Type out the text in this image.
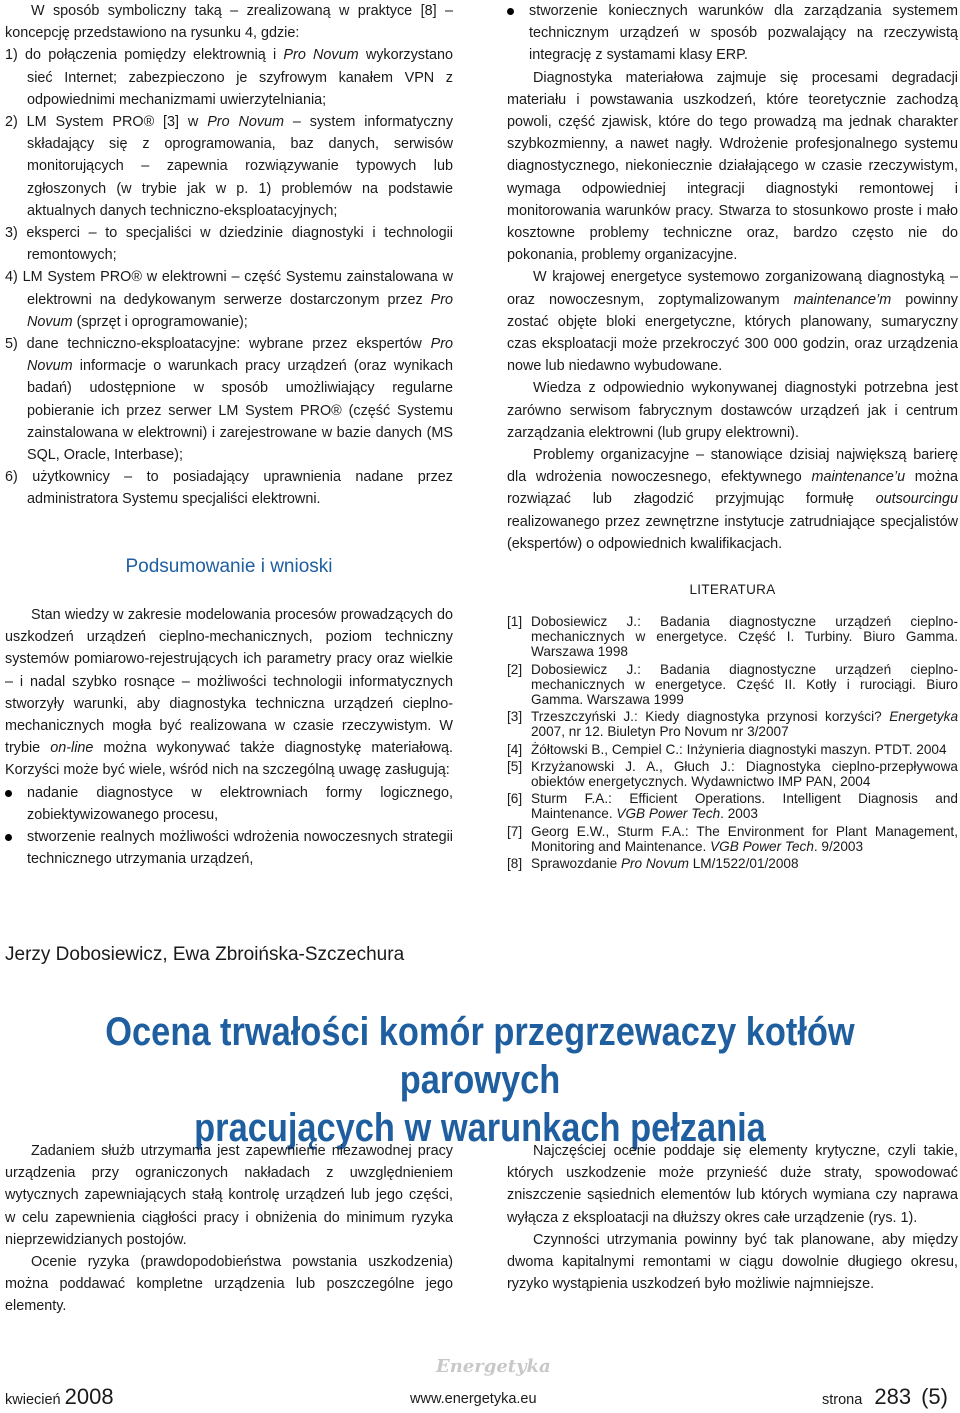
W sposób symboliczny taką – zrealizowaną w praktyce [8] – koncepcję przedstawiono na rysunku 4, gdzie:

1) do połączenia pomiędzy elektrownią i Pro Novum wykorzystano sieć Internet; zabezpieczono je szyfrowym kanałem VPN z odpowiednimi mechanizmami uwierzytelniania;

2) LM System PRO® [3] w Pro Novum – system informatyczny składający się z oprogramowania, baz danych, serwisów monitorujących – zapewnia rozwiązywanie typowych lub zgłoszonych (w trybie jak w p. 1) problemów na podstawie aktualnych danych techniczno-eksploatacyjnych;

3) eksperci – to specjaliści w dziedzinie diagnostyki i technologii remontowych;

4) LM System PRO® w elektrowni – część Systemu zainstalowana w elektrowni na dedykowanym serwerze dostarczonym przez Pro Novum (sprzęt i oprogramowanie);

5) dane techniczno-eksploatacyjne: wybrane przez ekspertów Pro Novum informacje o warunkach pracy urządzeń (oraz wynikach badań) udostępnione w sposób umożliwiający regularne pobieranie ich przez serwer LM System PRO® (część Systemu zainstalowana w elektrowni) i zarejestrowane w bazie danych (MS SQL, Oracle, Interbase);

6) użytkownicy – to posiadający uprawnienia nadane przez administratora Systemu specjaliści elektrowni.

Podsumowanie i wnioski

Stan wiedzy w zakresie modelowania procesów prowadzących do uszkodzeń urządzeń cieplno-mechanicznych, poziom techniczny systemów pomiarowo-rejestrujących ich parametry pracy oraz wielkie – i nadal szybko rosnące – możliwości technologii informatycznych stworzyły warunki, aby diagnostyka techniczna urządzeń cieplno-mechanicznych mogła być realizowana w czasie rzeczywistym. W trybie on-line można wykonywać także diagnostykę materiałową. Korzyści może być wiele, wśród nich na szczególną uwagę zasługują:

nadanie diagnostyce w elektrowniach formy logicznego, zobiektywizowanego procesu,

stworzenie realnych możliwości wdrożenia nowoczesnych strategii technicznego utrzymania urządzeń,

stworzenie koniecznych warunków dla zarządzania systemem technicznym urządzeń w sposób pozwalający na rzeczywistą integrację z systamami klasy ERP.

Diagnostyka materiałowa zajmuje się procesami degradacji materiału i powstawania uszkodzeń, które teoretycznie zachodzą powoli, część zjawisk, które do tego prowadzą ma jednak charakter szybkozmienny, a nawet nagły. Wdrożenie profesjonalnego systemu diagnostycznego, niekoniecznie działającego w czasie rzeczywistym, wymaga odpowiedniej integracji diagnostyki remontowej i monitorowania warunków pracy. Stwarza to stosunkowo proste i mało kosztowne problemy techniczne oraz, bardzo często nie do pokonania, problemy organizacyjne.

W krajowej energetyce systemowo zorganizowaną diagnostyką – oraz nowoczesnym, zoptymalizowanym maintenance’m powinny zostać objęte bloki energetyczne, których planowany, sumaryczny czas eksploatacji może przekroczyć 300 000 godzin, oraz urządzenia nowe lub niedawno wybudowane.

Wiedza z odpowiednio wykonywanej diagnostyki potrzebna jest zarówno serwisom fabrycznym dostawców urządzeń jak i centrum zarządzania elektrowni (lub grupy elektrowni).

Problemy organizacyjne – stanowiące dzisiaj największą barierę dla wdrożenia nowoczesnego, efektywnego maintenance’u można rozwiązać lub złagodzić przyjmując formułę outsourcingu realizowanego przez zewnętrzne instytucje zatrudniające specjalistów (ekspertów) o odpowiednich kwalifikacjach.

LITERATURA
[1] Dobosiewicz J.: Badania diagnostyczne urządzeń cieplno-mechanicznych w energetyce. Część I. Turbiny. Biuro Gamma. Warszawa 1998
[2] Dobosiewicz J.: Badania diagnostyczne urządzeń cieplno-mechanicznych w energetyce. Część II. Kotły i rurociągi. Biuro Gamma. Warszawa 1999
[3] Trzeszczyński J.: Kiedy diagnostyka przynosi korzyści? Energetyka 2007, nr 12. Biuletyn Pro Novum nr 3/2007
[4] Żółtowski B., Cempiel C.: Inżynieria diagnostyki maszyn. PTDT. 2004
[5] Krzyżanowski J. A., Głuch J.: Diagnostyka cieplno-przepływowa obiektów energetycznych. Wydawnictwo IMP PAN, 2004
[6] Sturm F.A.: Efficient Operations. Intelligent Diagnosis and Maintenance. VGB Power Tech. 2003
[7] Georg E.W., Sturm F.A.: The Environment for Plant Management, Monitoring and Maintenance. VGB Power Tech. 9/2003
[8] Sprawozdanie Pro Novum LM/1522/01/2008
Jerzy Dobosiewicz, Ewa Zbroińska-Szczechura
Ocena trwałości komór przegrzewaczy kotłów parowych
pracujących w warunkach pełzania

Zadaniem służb utrzymania jest zapewnienie niezawodnej pracy urządzenia przy ograniczonych nakładach z uwzględnieniem wytycznych zapewniających stałą kontrolę urządzeń lub jego części, w celu zapewnienia ciągłości pracy i obniżenia do minimum ryzyka nieprzewidzianych postojów.

Ocenie ryzyka (prawdopodobieństwa powstania uszkodzenia) można poddawać kompletne urządzenia lub poszczególne jego elementy.

Najczęściej ocenie poddaje się elementy krytyczne, czyli takie, których uszkodzenie może przynieść duże straty, spowodować zniszczenie sąsiednich elementów lub których wymiana czy naprawa wyłącza z eksploatacji na dłuższy okres całe urządzenie (rys. 1).

Czynności utrzymania powinny być tak planowane, aby między dwoma kapitalnymi remontami w ciągu dowolnie długiego okresu, ryzyko wystąpienia uszkodzeń było możliwie najmniejsze.

Energetyka
kwiecień 2008	www.energetyka.eu	strona 283 (5)
